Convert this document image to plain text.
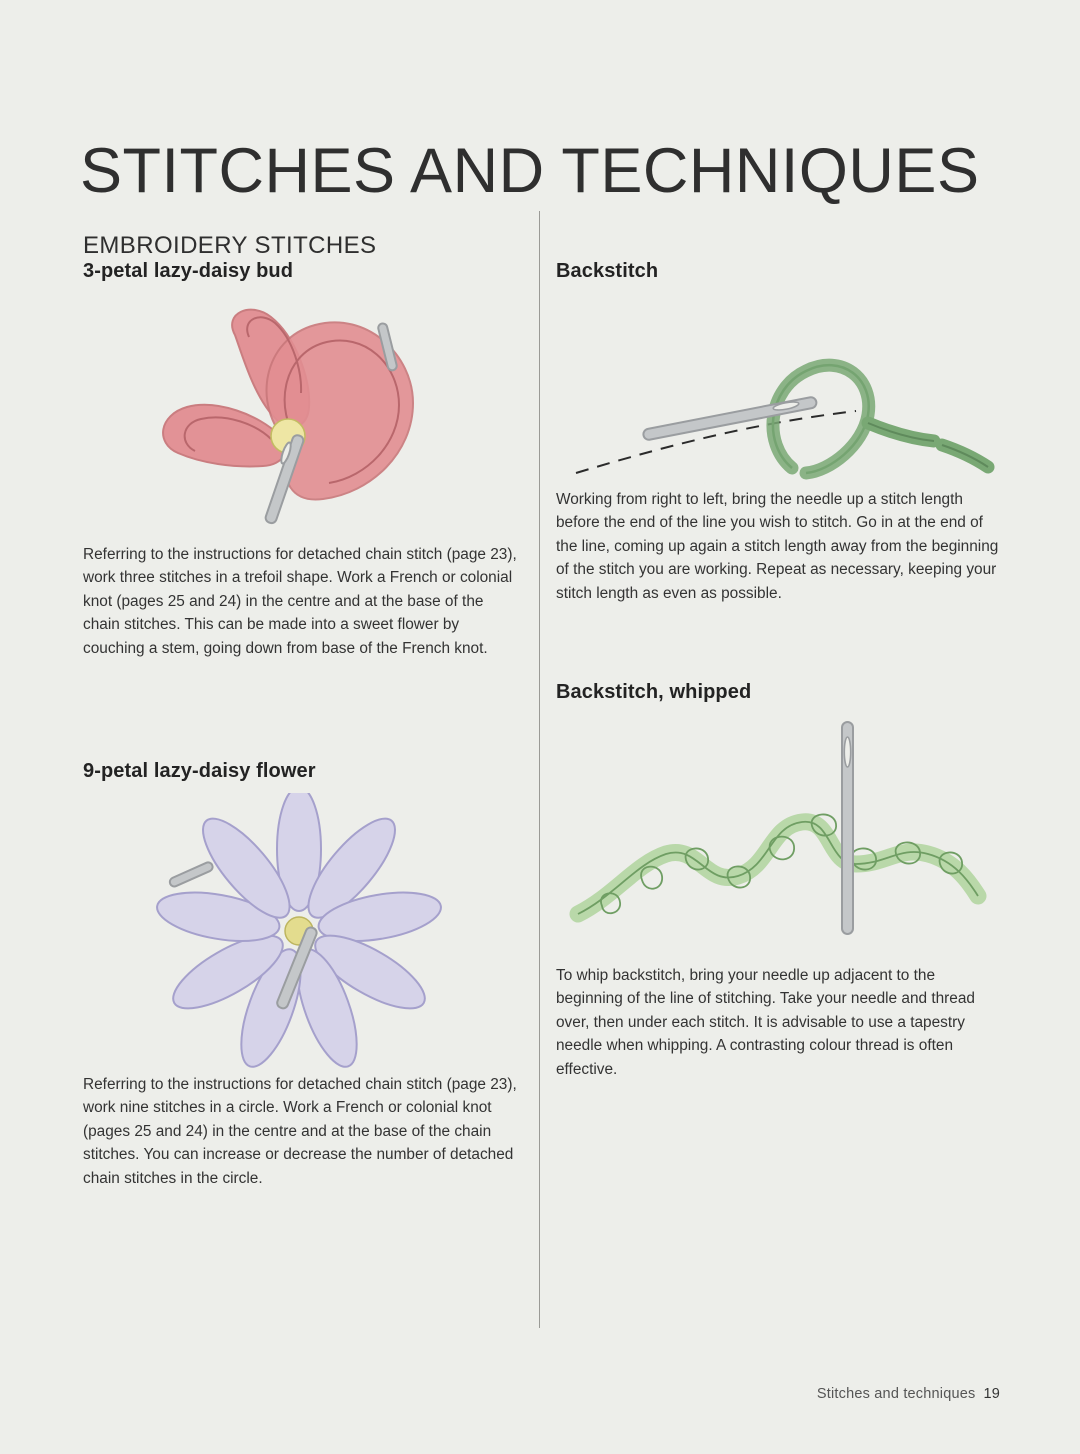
STITCHES AND TECHNIQUES
EMBROIDERY STITCHES
3-petal lazy-daisy bud

Referring to the instructions for detached chain stitch (page 23), work three stitches in a trefoil shape. Work a French or colonial knot (pages 25 and 24) in the centre and at the base of the chain stitches. This can be made into a sweet flower by couching a stem, going down from base of the French knot.

9-petal lazy-daisy flower

Referring to the instructions for detached chain stitch (page 23), work nine stitches in a circle. Work a French or colonial knot (pages 25 and 24) in the centre and at the base of the chain stitches. You can increase or decrease the number of detached chain stitches in the circle.

Backstitch

Working from right to left, bring the needle up a stitch length before the end of the line you wish to stitch. Go in at the end of the line, coming up again a stitch length away from the beginning of the stitch you are working. Repeat as necessary, keeping your stitch length as even as possible.

Backstitch, whipped

To whip backstitch, bring your needle up adjacent to the beginning of the line of stitching. Take your needle and thread over, then under each stitch. It is advisable to use a tapestry needle when whipping. A contrasting colour thread is often effective.

Stitches and techniques 19
